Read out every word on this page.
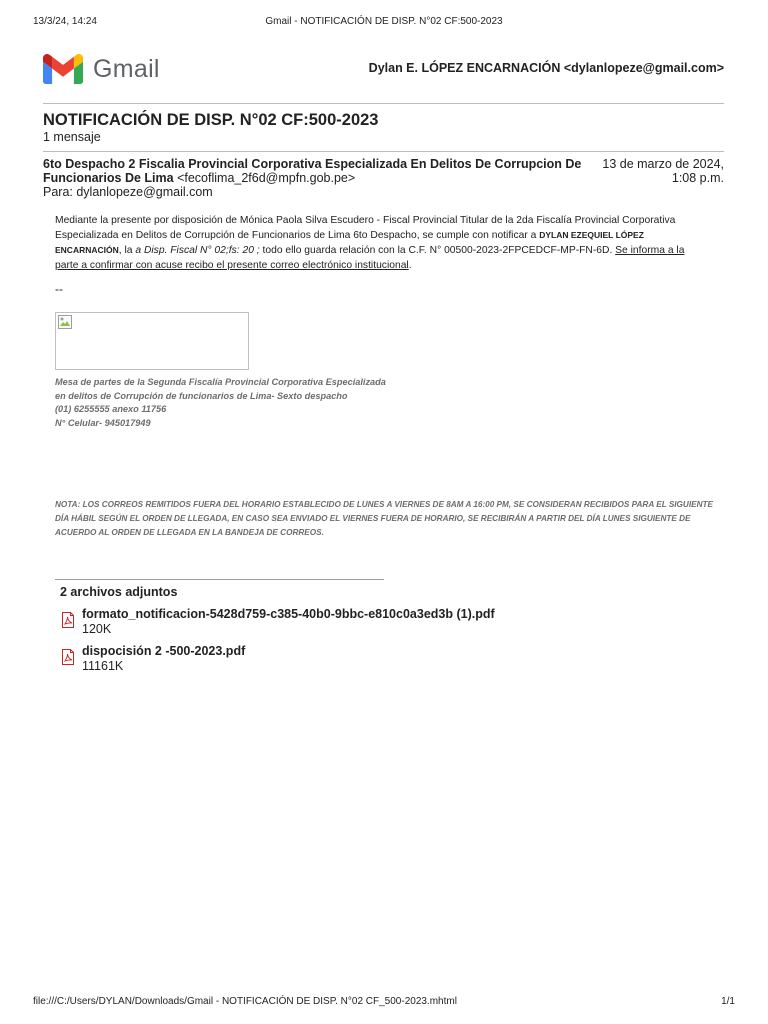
13/3/24, 14:24	Gmail - NOTIFICACIÓN DE DISP. N°02 CF:500-2023
Gmail	Dylan E. LÓPEZ ENCARNACIÓN <dylanlopeze@gmail.com>
NOTIFICACIÓN DE DISP. N°02 CF:500-2023
1 mensaje
6to Despacho 2 Fiscalia Provincial Corporativa Especializada En Delitos De Corrupcion De Funcionarios De Lima <fecoflima_2f6d@mpfn.gob.pe>
13 de marzo de 2024,
1:08 p.m.
Para: dylanlopeze@gmail.com
Mediante la presente por disposición de Mónica Paola Silva Escudero - Fiscal Provincial Titular de la 2da Fiscalía Provincial Corporativa Especializada en Delitos de Corrupción de Funcionarios de Lima 6to Despacho, se cumple con notificar a DYLAN EZEQUIEL LÓPEZ ENCARNACIÓN, la a Disp. Fiscal N° 02;fs: 20 ; todo ello guarda relación con la C.F. N° 00500-2023-2FPCEDCF-MP-FN-6D. Se informa a la parte a confirmar con acuse recibo el presente correo electrónico institucional.
--
Mesa de partes de la Segunda Fiscalía Provincial Corporativa Especializada
en delitos de Corrupción de funcionarios de Lima- Sexto despacho
(01) 6255555 anexo 11756
N° Celular- 945017949
NOTA: LOS CORREOS REMITIDOS FUERA DEL HORARIO ESTABLECIDO DE LUNES A VIERNES DE 8AM A 16:00 PM, SE CONSIDERAN RECIBIDOS PARA EL SIGUIENTE DÍA HÁBIL SEGÚN EL ORDEN DE LLEGADA, EN CASO SEA ENVIADO EL VIERNES FUERA DE HORARIO, SE RECIBIRÁN A PARTIR DEL DÍA LUNES SIGUIENTE DE ACUERDO AL ORDEN DE LLEGADA EN LA BANDEJA DE CORREOS.
2 archivos adjuntos
formato_notificacion-5428d759-c385-40b0-9bbc-e810c0a3ed3b (1).pdf
120K
dispocisión 2 -500-2023.pdf
11161K
file:///C:/Users/DYLAN/Downloads/Gmail - NOTIFICACIÓN DE DISP. N°02 CF_500-2023.mhtml	1/1
